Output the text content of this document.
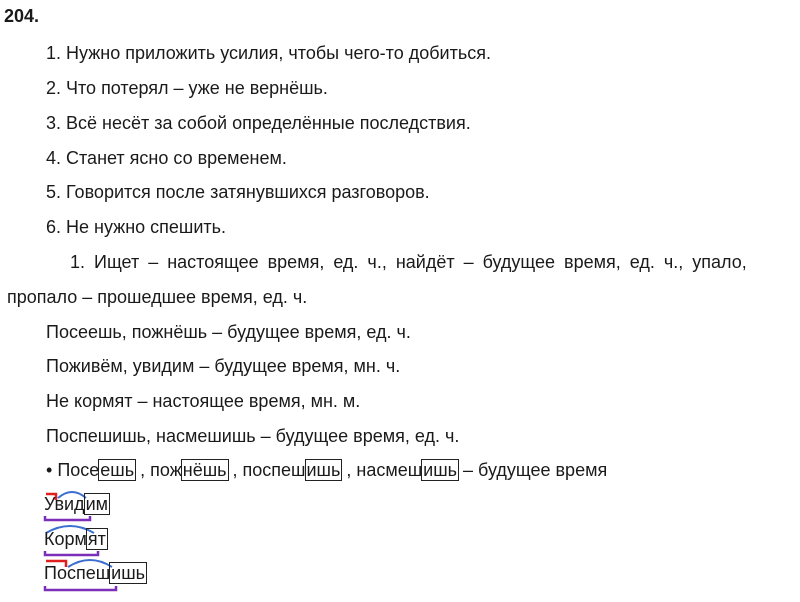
204.
1. Нужно приложить усилия, чтобы чего-то добиться.
2. Что потерял – уже не вернёшь.
3. Всё несёт за собой определённые последствия.
4. Станет ясно со временем.
5. Говорится после затянувшихся разговоров.
6. Не нужно спешить.
1. Ищет – настоящее время, ед. ч., найдёт – будущее время, ед. ч., упало,
пропало – прошедшее время, ед. ч.
Посеешь, пожнёшь – будущее время, ед. ч.
Поживём, увидим – будущее время, мн. ч.
Не кормят – настоящее время, мн. м.
Поспешишь, насмешишь – будущее время, ед. ч.
• Посеешь , пожнёшь , поспешишь , насмешишь – будущее время
Увидим
Кормят
Поспешишь
